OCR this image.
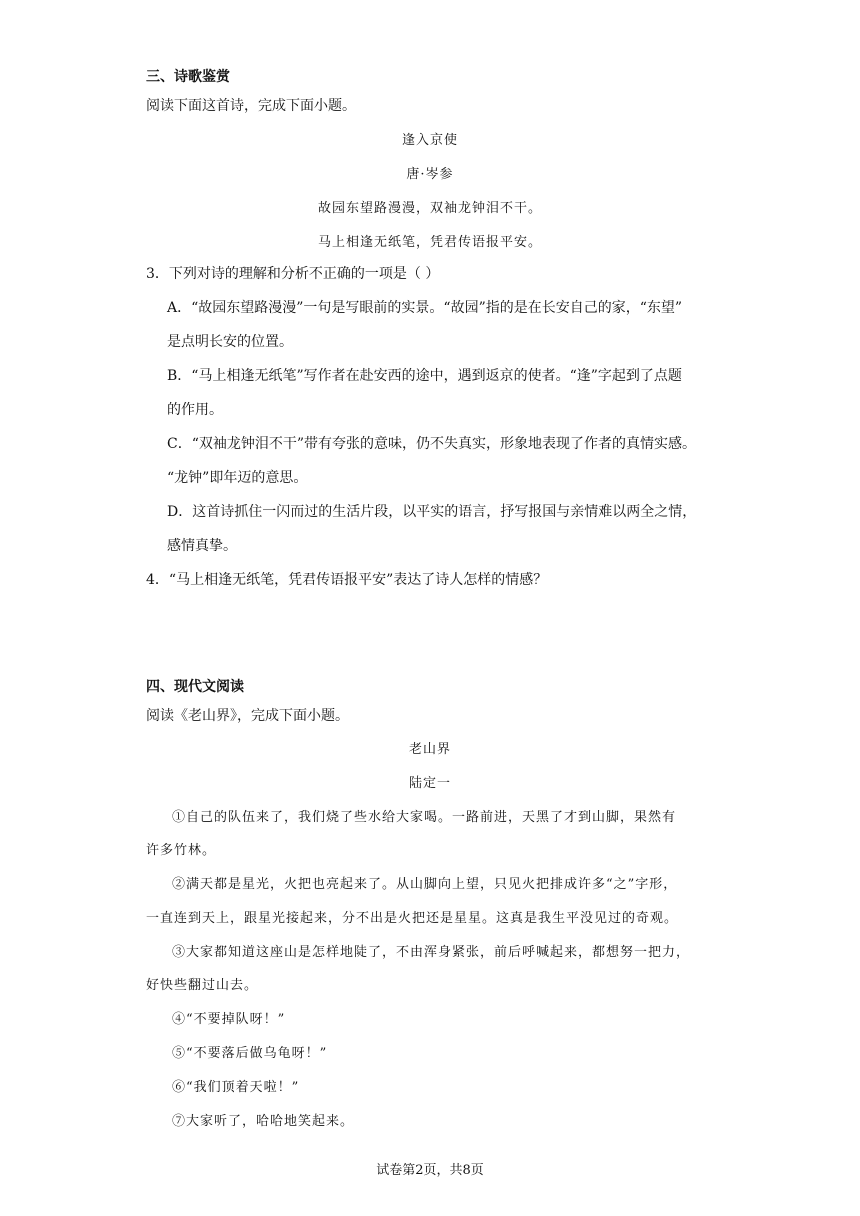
三、诗歌鉴赏
阅读下面这首诗，完成下面小题。
逢入京使
唐·岑参
故园东望路漫漫，双袖龙钟泪不干。
马上相逢无纸笔，凭君传语报平安。
3．下列对诗的理解和分析不正确的一项是（ ）
A．“故园东望路漫漫”一句是写眼前的实景。“故园”指的是在长安自己的家，“东望”
是点明长安的位置。
B．“马上相逢无纸笔”写作者在赴安西的途中，遇到返京的使者。“逢”字起到了点题
的作用。
C．“双袖龙钟泪不干”带有夸张的意味，仍不失真实，形象地表现了作者的真情实感。
“龙钟”即年迈的意思。
D．这首诗抓住一闪而过的生活片段，以平实的语言，抒写报国与亲情难以两全之情，
感情真挚。
4．“马上相逢无纸笔，凭君传语报平安”表达了诗人怎样的情感？
四、现代文阅读
阅读《老山界》，完成下面小题。
老山界
陆定一
①自己的队伍来了，我们烧了些水给大家喝。一路前进，天黑了才到山脚，果然有
许多竹林。
②满天都是星光，火把也亮起来了。从山脚向上望，只见火把排成许多“之”字形，
一直连到天上，跟星光接起来，分不出是火把还是星星。这真是我生平没见过的奇观。
③大家都知道这座山是怎样地陡了，不由浑身紧张，前后呼喊起来，都想努一把力，
好快些翻过山去。
④“不要掉队呀！”
⑤“不要落后做乌龟呀！”
⑥“我们顶着天啦！”
⑦大家听了，哈哈地笑起来。
试卷第2页，共8页
